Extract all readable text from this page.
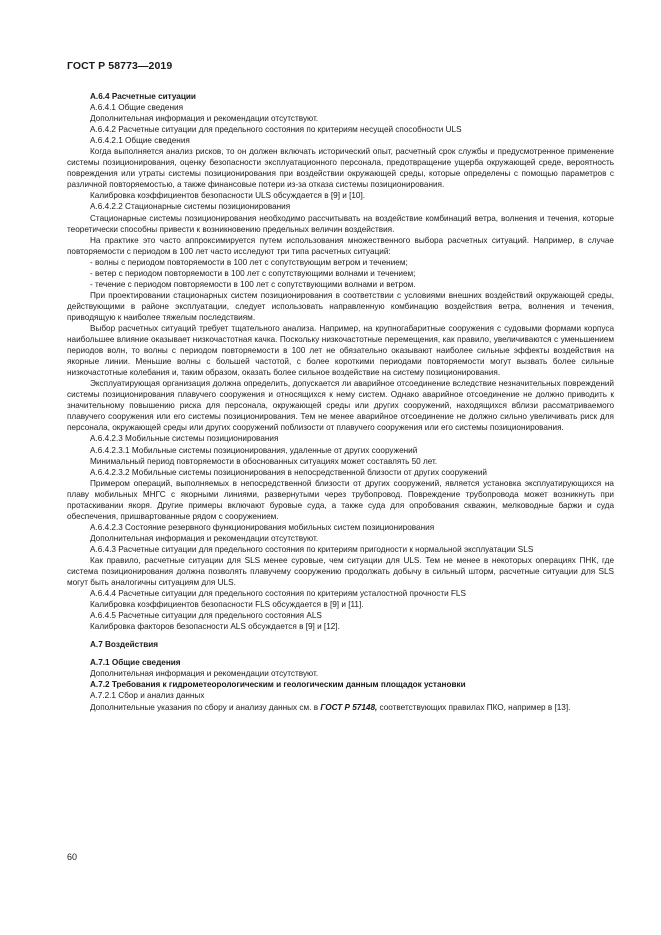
ГОСТ Р 58773—2019

А.6.4 Расчетные ситуации

А.6.4.1 Общие сведения

Дополнительная информация и рекомендации отсутствуют.

А.6.4.2 Расчетные ситуации для предельного состояния по критериям несущей способности ULS

А.6.4.2.1 Общие сведения

Когда выполняется анализ рисков, то он должен включать исторический опыт, расчетный срок службы и предусмотренное применение системы позиционирования, оценку безопасности эксплуатационного персонала, предотвращение ущерба окружающей среде, вероятность повреждения или утраты системы позиционирования при воздействии окружающей среды, которые определены с помощью параметров с различной повторяемостью, а также финансовые потери из-за отказа системы позиционирования.

Калибровка коэффициентов безопасности ULS обсуждается в [9] и [10].

А.6.4.2.2 Стационарные системы позиционирования

Стационарные системы позиционирования необходимо рассчитывать на воздействие комбинаций ветра, волнения и течения, которые теоретически способны привести к возникновению предельных величин воздействия.

На практике это часто аппроксимируется путем использования множественного выбора расчетных ситуаций. Например, в случае повторяемости с периодом в 100 лет часто исследуют три типа расчетных ситуаций:

- волны с периодом повторяемости в 100 лет с сопутствующим ветром и течением;

- ветер с периодом повторяемости в 100 лет с сопутствующими волнами и течением;

- течение с периодом повторяемости в 100 лет с сопутствующими волнами и ветром.

При проектировании стационарных систем позиционирования в соответствии с условиями внешних воздействий окружающей среды, действующими в районе эксплуатации, следует использовать направленную комбинацию воздействия ветра, волнения и течения, приводящую к наиболее тяжелым последствиям.

Выбор расчетных ситуаций требует тщательного анализа. Например, на крупногабаритные сооружения с судовыми формами корпуса наибольшее влияние оказывает низкочастотная качка. Поскольку низкочастотные перемещения, как правило, увеличиваются с уменьшением периодов волн, то волны с периодом повторяемости в 100 лет не обязательно оказывают наиболее сильные эффекты воздействия на якорные линии. Меньшие волны с большей частотой, с более короткими периодами повторяемости могут вызвать более сильные низкочастотные колебания и, таким образом, оказать более сильное воздействие на систему позиционирования.

Эксплуатирующая организация должна определить, допускается ли аварийное отсоединение вследствие незначительных повреждений системы позиционирования плавучего сооружения и относящихся к нему систем. Однако аварийное отсоединение не должно приводить к значительному повышению риска для персонала, окружающей среды или других сооружений, находящихся вблизи рассматриваемого плавучего сооружения или его системы позиционирования. Тем не менее аварийное отсоединение не должно сильно увеличивать риск для персонала, окружающей среды или других сооружений поблизости от плавучего сооружения или его системы позиционирования.

А.6.4.2.3 Мобильные системы позиционирования

А.6.4.2.3.1 Мобильные системы позиционирования, удаленные от других сооружений

Минимальный период повторяемости в обоснованных ситуациях может составлять 50 лет.

А.6.4.2.3.2 Мобильные системы позиционирования в непосредственной близости от других сооружений

Примером операций, выполняемых в непосредственной близости от других сооружений, является установка эксплуатирующихся на плаву мобильных МНГС с якорными линиями, развернутыми через трубопровод. Повреждение трубопровода может возникнуть при протаскивании якоря. Другие примеры включают буровые суда, а также суда для опробования скважин, мелководные баржи и суда обеспечения, пришвартованные рядом с сооружением.

А.6.4.2.3 Состояние резервного функционирования мобильных систем позиционирования

Дополнительная информация и рекомендации отсутствуют.

А.6.4.3 Расчетные ситуации для предельного состояния по критериям пригодности к нормальной эксплуатации SLS

Как правило, расчетные ситуации для SLS менее суровые, чем ситуации для ULS. Тем не менее в некоторых операциях ПНК, где система позиционирования должна позволять плавучему сооружению продолжать добычу в сильный шторм, расчетные ситуации для SLS могут быть аналогичны ситуациям для ULS.

А.6.4.4 Расчетные ситуации для предельного состояния по критериям усталостной прочности FLS

Калибровка коэффициентов безопасности FLS обсуждается в [9] и [11].

А.6.4.5 Расчетные ситуации для предельного состояния ALS

Калибровка факторов безопасности ALS обсуждается в [9] и [12].

А.7 Воздействия

А.7.1 Общие сведения

Дополнительная информация и рекомендации отсутствуют.

А.7.2 Требования к гидрометеорологическим и геологическим данным площадок установки

А.7.2.1 Сбор и анализ данных

Дополнительные указания по сбору и анализу данных см. в ГОСТ Р 57148, соответствующих правилах ПКО, например в [13].

60
